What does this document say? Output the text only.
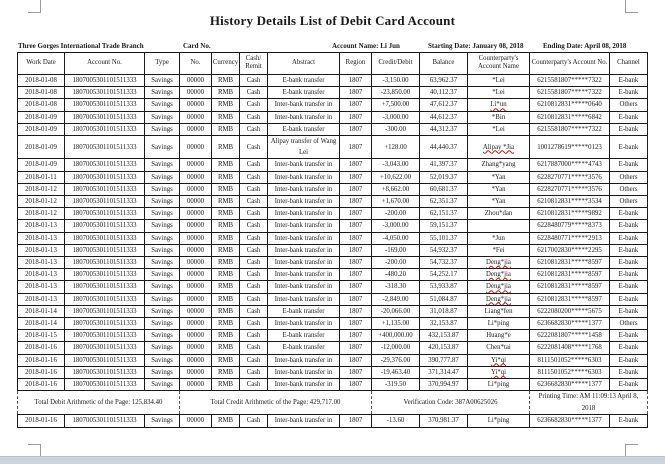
History Details List of Debit Card Account
Three Gorges International Trade Branch	Card No.	Account Name: Li Jun	Starting Date: January 08, 2018	Ending Date: April 08, 2018
Work Date	Account No.	Type	No.	Currency	Cash/ Remit	Abstract	Region	Credit/Debit	Balance	Counterparty's Account Name	Counterparty's Account No.	Channel
2018-01-08	1807005301101511333	Savings	00000	RMB	Cash	E-bank transfer	1807	-3,150.00	63,962.37	*Lei	6215581807*****7322	E-bank
2018-01-08	1807005301101511333	Savings	00000	RMB	Cash	E-bank transfer	1807	-23,850.00	40,112.37	*Lei	6215581807*****7322	E-bank
2018-01-08	1807005301101511333	Savings	00000	RMB	Cash	Inter-bank transfer in	1807	+7,500.00	47,612.37	Li*un	6210812831*****0640	Others
2018-01-09	1807005301101511333	Savings	00000	RMB	Cash	Inter-bank transfer in	1807	-3,000.00	44,612.37	*Bin	6210812831*****6842	E-bank
2018-01-09	1807005301101511333	Savings	00000	RMB	Cash	E-bank transfer	1807	-300.00	44,312.37	*Lei	6215581807*****7322	E-bank
2018-01-09	1807005301101511333	Savings	00000	RMB	Cash	Alipay transfer of Wang Lei	1807	+128.00	44,440.37	Alipay *Jia	1001278619*****0123	E-bank
2018-01-09	1807005301101511333	Savings	00000	RMB	Cash	Inter-bank transfer in	1807	-3,043.00	41,397.37	Zhang*yang	6217887000*****4743	E-bank
2018-01-11	1807005301101511333	Savings	00000	RMB	Cash	Inter-bank transfer in	1807	+10,622.00	52,019.37	*Yan	6228270771*****3576	Others
2018-01-12	1807005301101511333	Savings	00000	RMB	Cash	Inter-bank transfer in	1807	+8,662.00	60,681.37	*Yan	6228270771*****3576	Others
2018-01-12	1807005301101511333	Savings	00000	RMB	Cash	Inter-bank transfer in	1807	+1,670.00	62,351.37	*Yan	6210812831*****3534	Others
2018-01-12	1807005301101511333	Savings	00000	RMB	Cash	Inter-bank transfer in	1807	-200.00	62,151.37	Zhou*dan	6210812831*****9892	E-bank
2018-01-13	1807005301101511333	Savings	00000	RMB	Cash	Inter-bank transfer in	1807	-3,000.00	59,151.37		6228480779*****8373	E-bank
2018-01-13	1807005301101511333	Savings	00000	RMB	Cash	Inter-bank transfer in	1807	-4,050.00	55,101.37	*Jun	6228480771*****2913	E-bank
2018-01-13	1807005301101511333	Savings	00000	RMB	Cash	Inter-bank transfer in	1807	-169.00	54,932.37	*Fei	6217002830*****2295	E-bank
2018-01-13	1807005301101511333	Savings	00000	RMB	Cash	Inter-bank transfer in	1807	-200.00	54,732.37	Deng*jia	6210812831*****8597	E-bank
2018-01-13	1807005301101511333	Savings	00000	RMB	Cash	Inter-bank transfer in	1807	-480.20	54,252.17	Deng*jia	6210812831*****8597	E-bank
2018-01-13	1807005301101511333	Savings	00000	RMB	Cash	Inter-bank transfer in	1807	-318.30	53,933.87	Deng*jia	6210812831*****8597	E-bank
2018-01-13	1807005301101511333	Savings	00000	RMB	Cash	Inter-bank transfer in	1807	-2,849.00	51,084.87	Deng*jia	6210812831*****8597	E-bank
2018-01-14	1807005301101511333	Savings	00000	RMB	Cash	E-bank transfer	1807	-20,066.00	31,018.87	Liang*fen	6222080200*****5675	E-bank
2018-01-14	1807005301101511333	Savings	00000	RMB	Cash	Inter-bank transfer in	1807	+1,135.00	32,153.87	Li*ping	6236682830*****1377	Others
2018-01-15	1807005301101511333	Savings	00000	RMB	Cash	E-bank transfer	1807	+400,000.00	432,153.87	Huang*e	6222081807*****1458	E-bank
2018-01-16	1807005301101511333	Savings	00000	RMB	Cash	E-bank transfer	1807	-12,000.00	420,153.87	Chen*tai	6222081408*****1768	E-bank
2018-01-16	1807005301101511333	Savings	00000	RMB	Cash	Inter-bank transfer in	1807	-29,376.00	390,777.87	Yi*qi	8111501052*****6303	E-bank
2018-01-16	1807005301101511333	Savings	00000	RMB	Cash	Inter-bank transfer in	1807	-19,463.40	371,314.47	Yi*qi	8111501052*****6303	E-bank
2018-01-16	1807005301101511333	Savings	00000	RMB	Cash	Inter-bank transfer in	1807	-319.50	370,994.97	Li*ping	6236682830*****1377	E-bank
Total Debit Arithmetic of the Page: 125,834.40			Total Credit Arithmetic of the Page: 429,717.00					Verification Code: 387A00625026			Printing Time: AM 11:09:13 April 8, 2018	
2018-01-16	1807005301101511333	Savings	00000	RMB	Cash	Inter-bank transfer in	1807	-13.60	370,981.37	Li*ping	6236682830*****1377	E-bank
